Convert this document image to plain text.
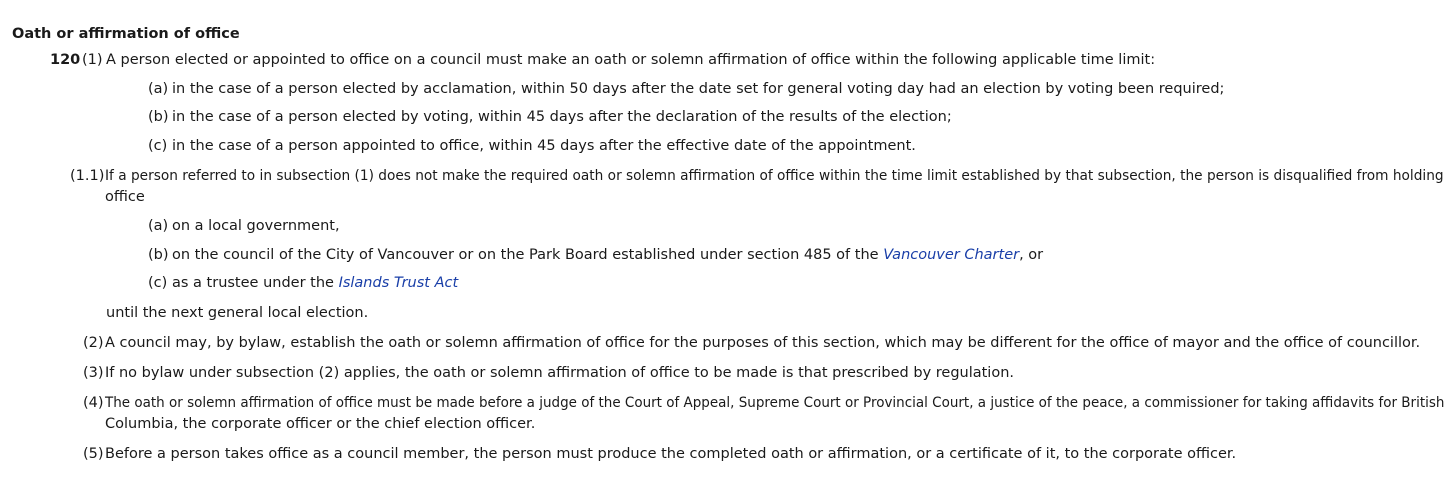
Oath or affirmation of office
120 (1) A person elected or appointed to office on a council must make an oath or solemn affirmation of office within the following applicable time limit:
(a) in the case of a person elected by acclamation, within 50 days after the date set for general voting day had an election by voting been required;
(b) in the case of a person elected by voting, within 45 days after the declaration of the results of the election;
(c) in the case of a person appointed to office, within 45 days after the effective date of the appointment.
(1.1) If a person referred to in subsection (1) does not make the required oath or solemn affirmation of office within the time limit established by that subsection, the person is disqualified from holding
office
(a) on a local government,
(b) on the council of the City of Vancouver or on the Park Board established under section 485 of the Vancouver Charter, or
(c) as a trustee under the Islands Trust Act
until the next general local election.
(2) A council may, by bylaw, establish the oath or solemn affirmation of office for the purposes of this section, which may be different for the office of mayor and the office of councillor.
(3) If no bylaw under subsection (2) applies, the oath or solemn affirmation of office to be made is that prescribed by regulation.
(4) The oath or solemn affirmation of office must be made before a judge of the Court of Appeal, Supreme Court or Provincial Court, a justice of the peace, a commissioner for taking affidavits for British
Columbia, the corporate officer or the chief election officer.
(5) Before a person takes office as a council member, the person must produce the completed oath or affirmation, or a certificate of it, to the corporate officer.
